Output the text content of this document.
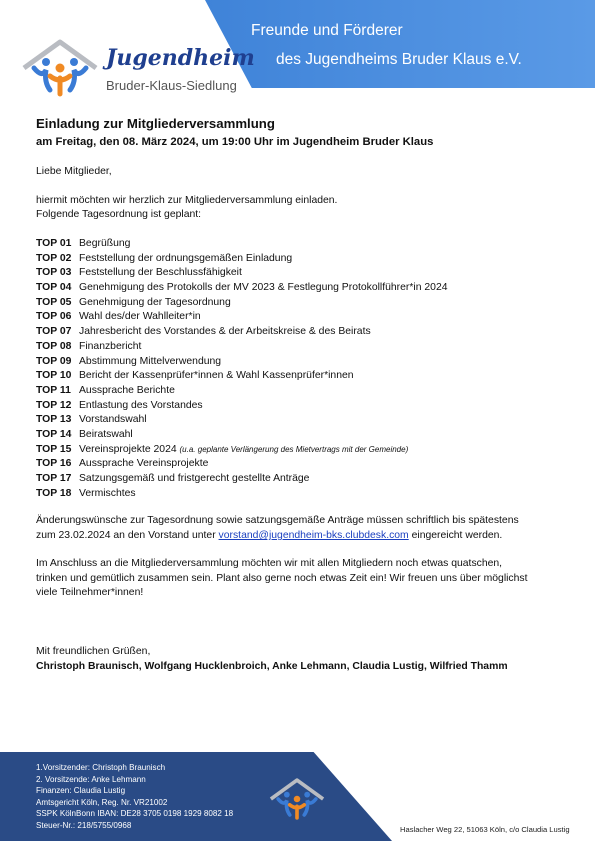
Freunde und Förderer
des Jugendheims Bruder Klaus e.V.
Jugendheim
Bruder-Klaus-Siedlung
Einladung zur Mitgliederversammlung
am Freitag, den 08. März 2024, um 19:00 Uhr im Jugendheim Bruder Klaus
Liebe Mitglieder,
hiermit möchten wir herzlich zur Mitgliederversammlung einladen.
Folgende Tagesordnung ist geplant:
TOP 01 Begrüßung
TOP 02 Feststellung der ordnungsgemäßen Einladung
TOP 03 Feststellung der Beschlussfähigkeit
TOP 04 Genehmigung des Protokolls der MV 2023 & Festlegung Protokollführer*in 2024
TOP 05 Genehmigung der Tagesordnung
TOP 06 Wahl des/der Wahlleiter*in
TOP 07 Jahresbericht des Vorstandes & der Arbeitskreise & des Beirats
TOP 08 Finanzbericht
TOP 09 Abstimmung Mittelverwendung
TOP 10 Bericht der Kassenprüfer*innen & Wahl Kassenprüfer*innen
TOP 11 Aussprache Berichte
TOP 12 Entlastung des Vorstandes
TOP 13 Vorstandswahl
TOP 14 Beiratswahl
TOP 15 Vereinsprojekte 2024 (u.a. geplante Verlängerung des Mietvertrags mit der Gemeinde)
TOP 16 Aussprache Vereinsprojekte
TOP 17 Satzungsgemäß und fristgerecht gestellte Anträge
TOP 18 Vermischtes
Änderungswünsche zur Tagesordnung sowie satzungsgemäße Anträge müssen schriftlich bis spätestens
zum 23.02.2024 an den Vorstand unter vorstand@jugendheim-bks.clubdesk.com eingereicht werden.
Im Anschluss an die Mitgliederversammlung möchten wir mit allen Mitgliedern noch etwas quatschen,
trinken und gemütlich zusammen sein. Plant also gerne noch etwas Zeit ein! Wir freuen uns über möglichst
viele Teilnehmer*innen!
Mit freundlichen Grüßen,
Christoph Braunisch, Wolfgang Hucklenbroich, Anke Lehmann, Claudia Lustig, Wilfried Thamm
1.Vorsitzender: Christoph Braunisch
2. Vorsitzende: Anke Lehmann
Finanzen: Claudia Lustig
Amtsgericht Köln, Reg. Nr. VR21002
SSPK KölnBonn IBAN: DE28 3705 0198 1929 8082 18
Steuer-Nr.: 218/5755/0968	Haslacher Weg 22, 51063 Köln, c/o Claudia Lustig
